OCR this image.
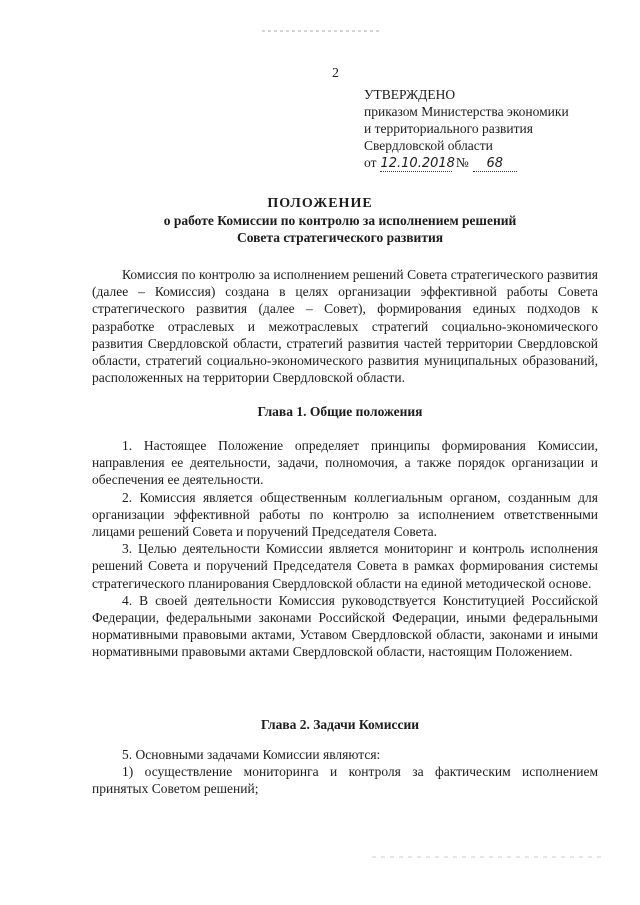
2
УТВЕРЖДЕНО
приказом Министерства экономики
и территориального развития
Свердловской области
от 12.10.2018 № 68
ПОЛОЖЕНИЕ
о работе Комиссии по контролю за исполнением решений
Совета стратегического развития

Комиссия по контролю за исполнением решений Совета стратегического развития (далее – Комиссия) создана в целях организации эффективной работы Совета стратегического развития (далее – Совет), формирования единых подходов к разработке отраслевых и межотраслевых стратегий социально-экономического развития Свердловской области, стратегий развития частей территории Свердловской области, стратегий социально-экономического развития муниципальных образований, расположенных на территории Свердловской области.

Глава 1. Общие положения

1. Настоящее Положение определяет принципы формирования Комиссии, направления ее деятельности, задачи, полномочия, а также порядок организации и обеспечения ее деятельности.

2. Комиссия является общественным коллегиальным органом, созданным для организации эффективной работы по контролю за исполнением ответственными лицами решений Совета и поручений Председателя Совета.

3. Целью деятельности Комиссии является мониторинг и контроль исполнения решений Совета и поручений Председателя Совета в рамках формирования системы стратегического планирования Свердловской области на единой методической основе.

4. В своей деятельности Комиссия руководствуется Конституцией Российской Федерации, федеральными законами Российской Федерации, иными федеральными нормативными правовыми актами, Уставом Свердловской области, законами и иными нормативными правовыми актами Свердловской области, настоящим Положением.

Глава 2. Задачи Комиссии

5. Основными задачами Комиссии являются:

1) осуществление мониторинга и контроля за фактическим исполнением принятых Советом решений;
